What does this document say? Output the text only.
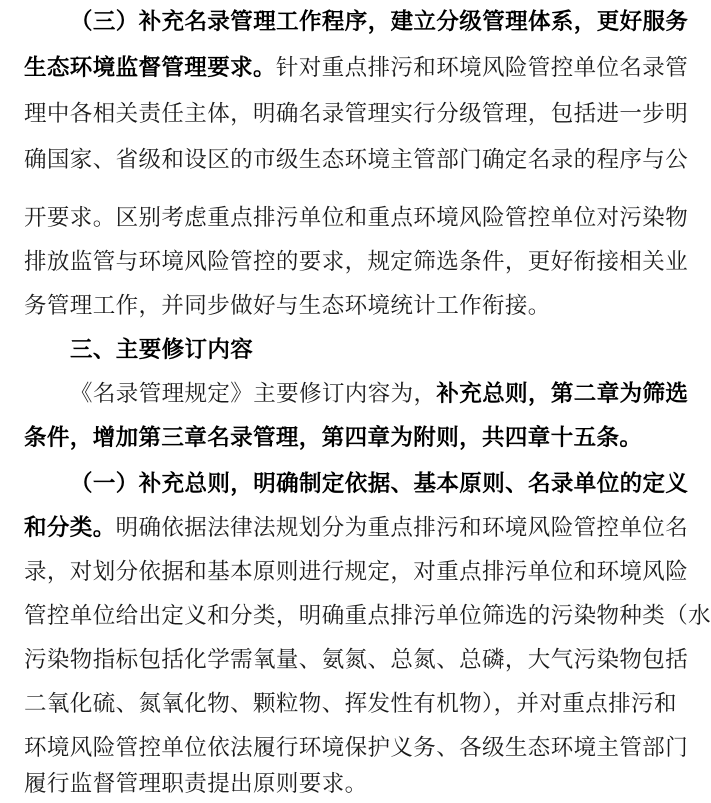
（三）补充名录管理工作程序，建立分级管理体系，更好服务
生态环境监督管理要求。针对重点排污和环境风险管控单位名录管
理中各相关责任主体，明确名录管理实行分级管理，包括进一步明
确国家、省级和设区的市级生态环境主管部门确定名录的程序与公
开要求。区别考虑重点排污单位和重点环境风险管控单位对污染物
排放监管与环境风险管控的要求，规定筛选条件，更好衔接相关业
务管理工作，并同步做好与生态环境统计工作衔接。
三、主要修订内容
《名录管理规定》主要修订内容为，补充总则，第二章为筛选
条件，增加第三章名录管理，第四章为附则，共四章十五条。
（一）补充总则，明确制定依据、基本原则、名录单位的定义
和分类。明确依据法律法规划分为重点排污和环境风险管控单位名
录，对划分依据和基本原则进行规定，对重点排污单位和环境风险
管控单位给出定义和分类，明确重点排污单位筛选的污染物种类（水
污染物指标包括化学需氧量、氨氮、总氮、总磷，大气污染物包括
二氧化硫、氮氧化物、颗粒物、挥发性有机物），并对重点排污和
环境风险管控单位依法履行环境保护义务、各级生态环境主管部门
履行监督管理职责提出原则要求。
